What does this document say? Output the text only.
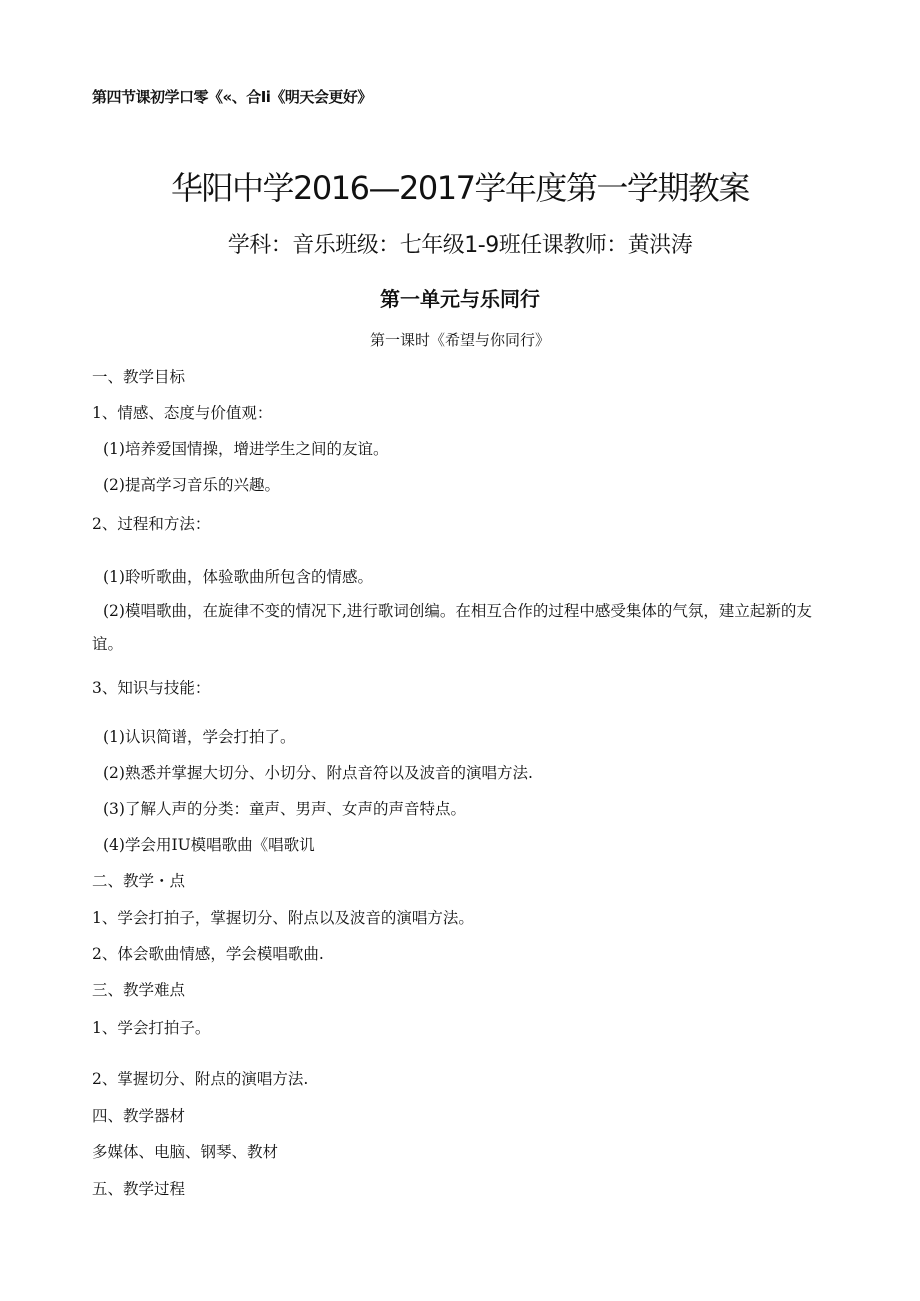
第四节课初学口零《«、合Ii《明天会更好》
华阳中学2016—2017学年度第一学期教案
学科：音乐班级：七年级1-9班任课教师：黄洪涛
第一单元与乐同行
第一课时《希望与你同行》
一、教学目标
1、情感、态度与价值观：
(1)培养爱国情操，增进学生之间的友谊。
(2)提高学习音乐的兴趣。
2、过程和方法：
(1)聆听歌曲，体验歌曲所包含的情感。
(2)模唱歌曲，在旋律不变的情况下,进行歌词创编。在相互合作的过程中感受集体的气氛，建立起新的友谊。
3、知识与技能：
(1)认识简谱，学会打拍了。
(2)熟悉并掌握大切分、小切分、附点音符以及波音的演唱方法.
(3)了解人声的分类：童声、男声、女声的声音特点。
(4)学会用IU模唱歌曲《唱歌讥
二、教学・点
1、学会打拍子，掌握切分、附点以及波音的演唱方法。
2、体会歌曲情感，学会模唱歌曲.
三、教学难点
1、学会打拍子。
2、掌握切分、附点的演唱方法.
四、教学器材
多媒体、电脑、钢琴、教材
五、教学过程
